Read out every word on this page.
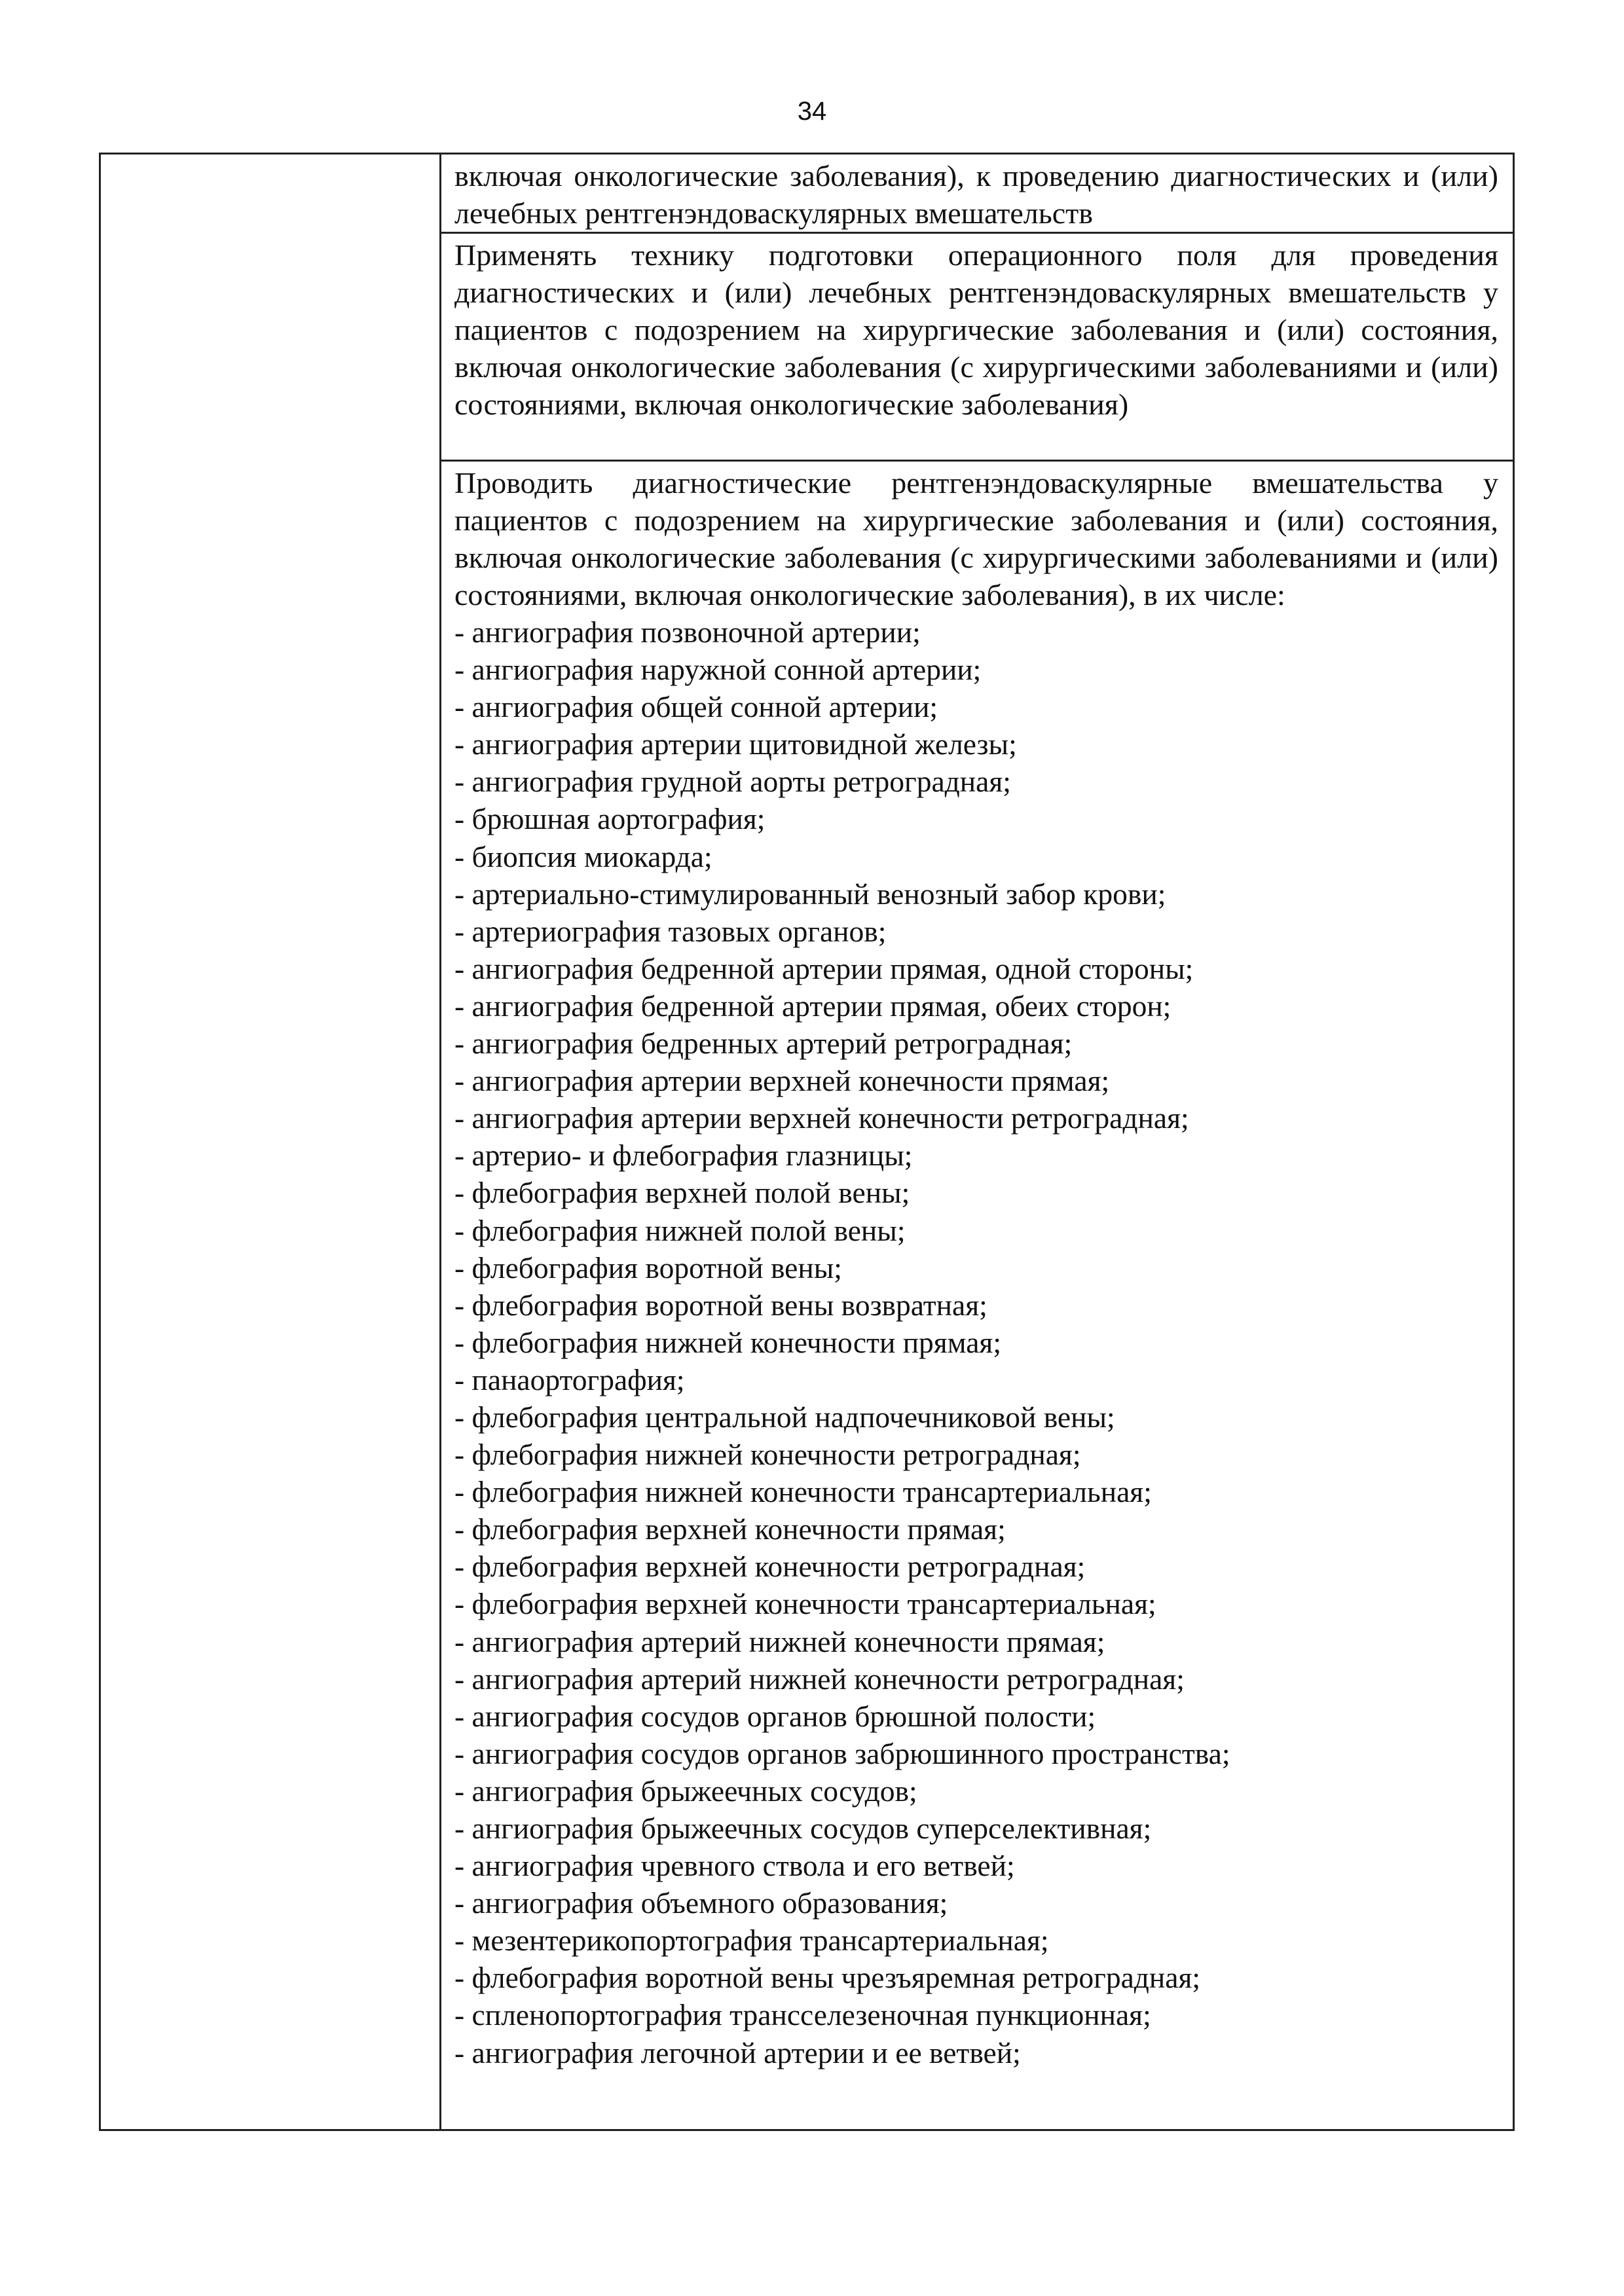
34

включая онкологические заболевания), к проведению диагностических и (или) лечебных рентгенэндоваскулярных вмешательств

Применять технику подготовки операционного поля для проведения диагностических и (или) лечебных рентгенэндоваскулярных вмешательств у пациентов с подозрением на хирургические заболевания и (или) состояния, включая онкологические заболевания (с хирургическими заболеваниями и (или) состояниями, включая онкологические заболевания)

Проводить диагностические рентгенэндоваскулярные вмешательства у пациентов с подозрением на хирургические заболевания и (или) состояния, включая онкологические заболевания (с хирургическими заболеваниями и (или) состояниями, включая онкологические заболевания), в их числе:

- ангиография позвоночной артерии;
- ангиография наружной сонной артерии;
- ангиография общей сонной артерии;
- ангиография артерии щитовидной железы;
- ангиография грудной аорты ретроградная;
- брюшная аортография;
- биопсия миокарда;
- артериально-стимулированный венозный забор крови;
- артериография тазовых органов;
- ангиография бедренной артерии прямая, одной стороны;
- ангиография бедренной артерии прямая, обеих сторон;
- ангиография бедренных артерий ретроградная;
- ангиография артерии верхней конечности прямая;
- ангиография артерии верхней конечности ретроградная;
- артерио- и флебография глазницы;
- флебография верхней полой вены;
- флебография нижней полой вены;
- флебография воротной вены;
- флебография воротной вены возвратная;
- флебография нижней конечности прямая;
- панаортография;
- флебография центральной надпочечниковой вены;
- флебография нижней конечности ретроградная;
- флебография нижней конечности трансартериальная;
- флебография верхней конечности прямая;
- флебография верхней конечности ретроградная;
- флебография верхней конечности трансартериальная;
- ангиография артерий нижней конечности прямая;
- ангиография артерий нижней конечности ретроградная;
- ангиография сосудов органов брюшной полости;
- ангиография сосудов органов забрюшинного пространства;
- ангиография брыжеечных сосудов;
- ангиография брыжеечных сосудов суперселективная;
- ангиография чревного ствола и его ветвей;
- ангиография объемного образования;
- мезентерикопортография трансартериальная;
- флебография воротной вены чрезъяремная ретроградная;
- спленопортография трансселезеночная пункционная;
- ангиография легочной артерии и ее ветвей;
